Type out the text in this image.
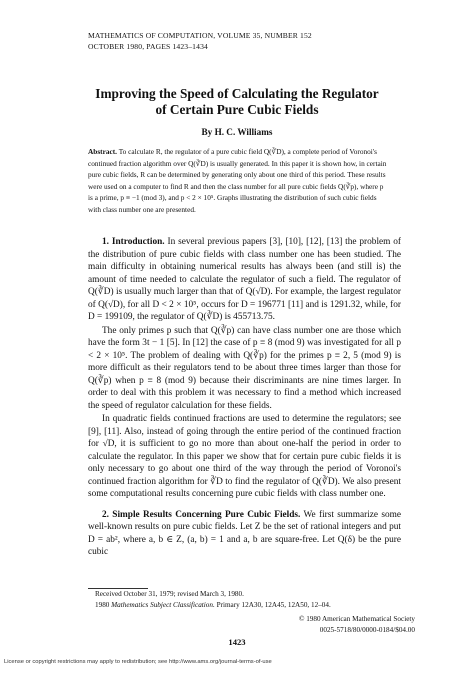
MATHEMATICS OF COMPUTATION, VOLUME 35, NUMBER 152
OCTOBER 1980, PAGES 1423–1434
Improving the Speed of Calculating the Regulator
of Certain Pure Cubic Fields
By H. C. Williams
Abstract. To calculate R, the regulator of a pure cubic field Q(∛D), a complete period of Voronoi's continued fraction algorithm over Q(∛D) is usually generated. In this paper it is shown how, in certain pure cubic fields, R can be determined by generating only about one third of this period. These results were used on a computer to find R and then the class number for all pure cubic fields Q(∛p), where p is a prime, p ≡ −1 (mod 3), and p < 2 × 10⁵. Graphs illustrating the distribution of such cubic fields with class number one are presented.

1. Introduction. In several previous papers [3], [10], [12], [13] the problem of the distribution of pure cubic fields with class number one has been studied. The main difficulty in obtaining numerical results has always been (and still is) the amount of time needed to calculate the regulator of such a field. The regulator of Q(∛D) is usually much larger than that of Q(√D). For example, the largest regulator of Q(√D), for all D < 2 × 10⁵, occurs for D = 196771 [11] and is 1291.32, while, for D = 199109, the regulator of Q(∛D) is 455713.75.

The only primes p such that Q(∛p) can have class number one are those which have the form 3t − 1 [5]. In [12] the case of p ≡ 8 (mod 9) was investigated for all p < 2 × 10⁵. The problem of dealing with Q(∛p) for the primes p ≡ 2, 5 (mod 9) is more difficult as their regulators tend to be about three times larger than those for Q(∛p) when p ≡ 8 (mod 9) because their discriminants are nine times larger. In order to deal with this problem it was necessary to find a method which increased the speed of regulator calculation for these fields.

In quadratic fields continued fractions are used to determine the regulators; see [9], [11]. Also, instead of going through the entire period of the continued fraction for √D, it is sufficient to go no more than about one-half the period in order to calculate the regulator. In this paper we show that for certain pure cubic fields it is only necessary to go about one third of the way through the period of Voronoi's continued fraction algorithm for ∛D to find the regulator of Q(∛D). We also present some computational results concerning pure cubic fields with class number one.

2. Simple Results Concerning Pure Cubic Fields. We first summarize some well-known results on pure cubic fields. Let Z be the set of rational integers and put D = ab², where a, b ∈ Z, (a, b) = 1 and a, b are square-free. Let Q(δ) be the pure cubic

Received October 31, 1979; revised March 3, 1980.
1980 Mathematics Subject Classification. Primary 12A30, 12A45, 12A50, 12–04.
© 1980 American Mathematical Society
0025-5718/80/0000-0184/$04.00
1423
License or copyright restrictions may apply to redistribution; see http://www.ams.org/journal-terms-of-use
